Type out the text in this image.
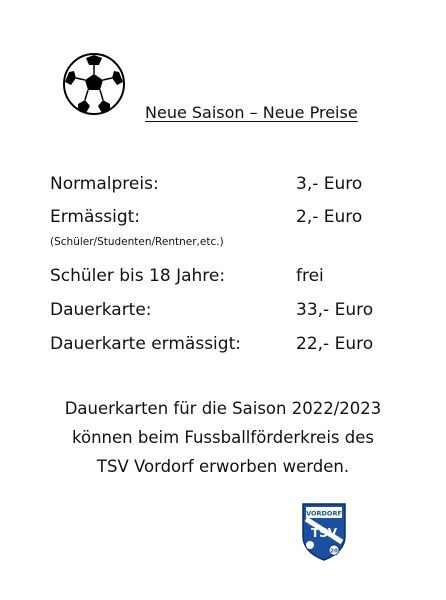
Neue Saison – Neue Preise
Normalpreis:	3,- Euro
Ermässigt:	2,- Euro
(Schüler/Studenten/Rentner,etc.)
Schüler bis 18 Jahre:	frei
Dauerkarte:	33,- Euro
Dauerkarte ermässigt:	22,- Euro
Dauerkarten für die Saison 2022/2023
können beim Fussballförderkreis des
TSV Vordorf erworben werden.
VORDORF
TSV
20
